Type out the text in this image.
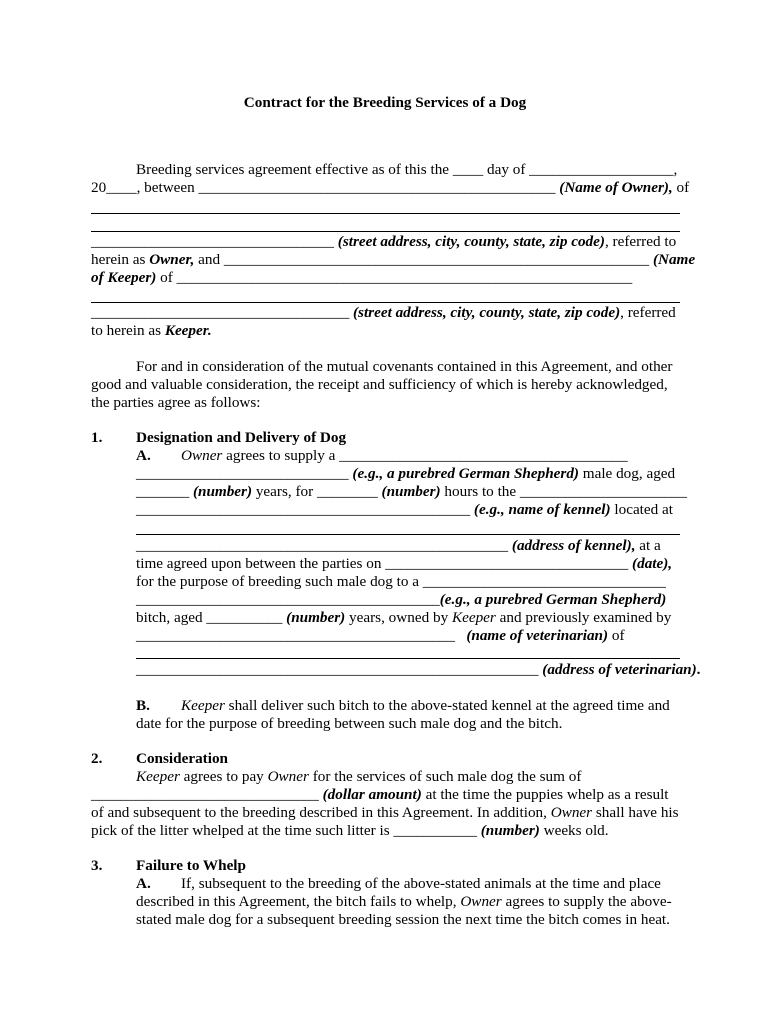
Contract for the Breeding Services of a Dog
Breeding services agreement effective as of this the ____ day of ___________________,
20____, between _______________________________________________ (Name of Owner), of
________________________________ (street address, city, county, state, zip code), referred to
herein as Owner, and ________________________________________________________ (Name
of Keeper) of ____________________________________________________________
__________________________________ (street address, city, county, state, zip code), referred
to herein as Keeper.
For and in consideration of the mutual covenants contained in this Agreement, and other
good and valuable consideration, the receipt and sufficiency of which is hereby acknowledged,
the parties agree as follows:
1. Designation and Delivery of Dog
A. Owner agrees to supply a ______________________________________
____________________________ (e.g., a purebred German Shepherd) male dog, aged
_______ (number) years, for ________ (number) hours to the ______________________
____________________________________________ (e.g., name of kennel) located at
_________________________________________________ (address of kennel), at a
time agreed upon between the parties on ________________________________ (date),
for the purpose of breeding such male dog to a ________________________________
________________________________________(e.g., a purebred German Shepherd)
bitch, aged __________ (number) years, owned by Keeper and previously examined by
__________________________________________ (name of veterinarian) of
_____________________________________________________ (address of veterinarian).
B. Keeper shall deliver such bitch to the above-stated kennel at the agreed time and
date for the purpose of breeding between such male dog and the bitch.
2. Consideration
Keeper agrees to pay Owner for the services of such male dog the sum of
______________________________ (dollar amount) at the time the puppies whelp as a result
of and subsequent to the breeding described in this Agreement. In addition, Owner shall have his
pick of the litter whelped at the time such litter is ___________ (number) weeks old.
3. Failure to Whelp
A. If, subsequent to the breeding of the above-stated animals at the time and place
described in this Agreement, the bitch fails to whelp, Owner agrees to supply the above-
stated male dog for a subsequent breeding session the next time the bitch comes in heat.
